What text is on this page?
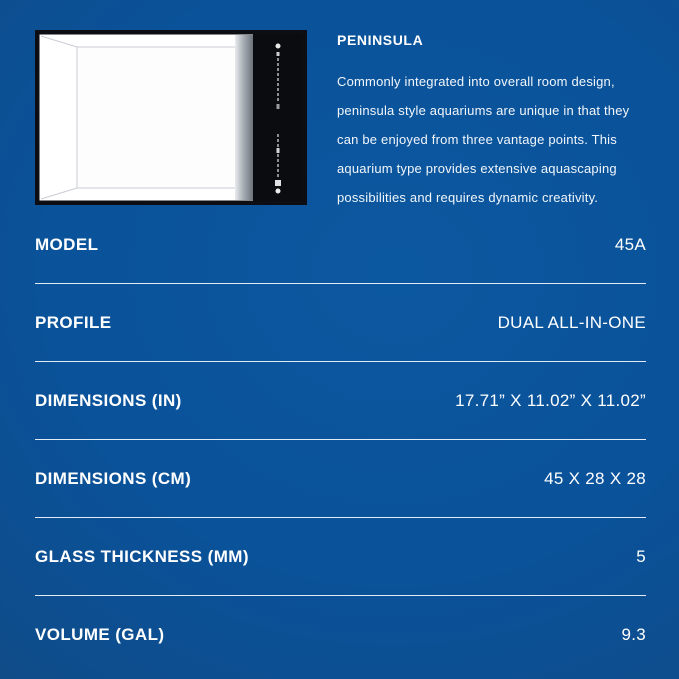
PENINSULA
Commonly integrated into overall room design, peninsula style aquariums are unique in that they can be enjoyed from three vantage points. This aquarium type provides extensive aquascaping possibilities and requires dynamic creativity.
MODEL	45A
PROFILE	DUAL ALL-IN-ONE
DIMENSIONS (IN)	17.71” X 11.02” X 11.02”
DIMENSIONS (CM)	45 X 28 X 28
GLASS THICKNESS (MM)	5
VOLUME (GAL)	9.3
